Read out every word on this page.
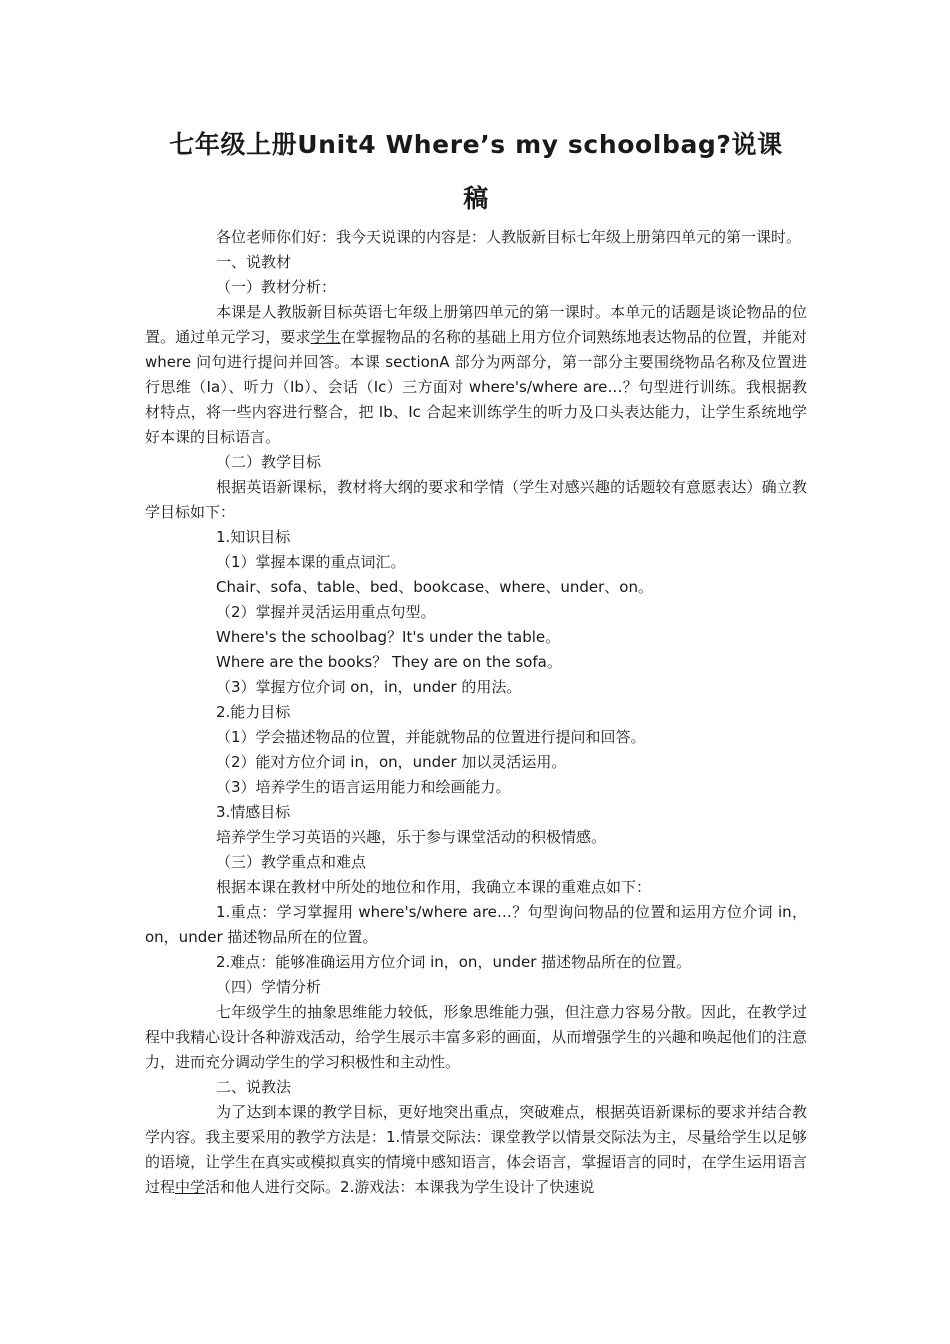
七年级上册Unit4 Where’s my schoolbag?说课
稿

各位老师你们好：我今天说课的内容是：人教版新目标七年级上册第四单元的第一课时。

一、说教材

（一）教材分析：

本课是人教版新目标英语七年级上册第四单元的第一课时。本单元的话题是谈论物品的位置。通过单元学习，要求学生在掌握物品的名称的基础上用方位介词熟练地表达物品的位置，并能对 where 问句进行提问并回答。本课 sectionA 部分为两部分，第一部分主要围绕物品名称及位置进行思维（Ia）、听力（Ib）、会话（Ic）三方面对 where's/where are…？句型进行训练。我根据教材特点，将一些内容进行整合，把 Ib、Ic 合起来训练学生的听力及口头表达能力，让学生系统地学好本课的目标语言。

（二）教学目标

根据英语新课标，教材将大纲的要求和学情（学生对感兴趣的话题较有意愿表达）确立教学目标如下：

1.知识目标

（1）掌握本课的重点词汇。

Chair、sofa、table、bed、bookcase、where、under、on。

（2）掌握并灵活运用重点句型。

Where's the schoolbag？It's under the table。

Where are the books？ They are on the sofa。

（3）掌握方位介词 on，in，under 的用法。

2.能力目标

（1）学会描述物品的位置，并能就物品的位置进行提问和回答。

（2）能对方位介词 in，on，under 加以灵活运用。

（3）培养学生的语言运用能力和绘画能力。

3.情感目标

培养学生学习英语的兴趣，乐于参与课堂活动的积极情感。

（三）教学重点和难点

根据本课在教材中所处的地位和作用，我确立本课的重难点如下：

1.重点：学习掌握用 where's/where are…？句型询问物品的位置和运用方位介词 in，on，under 描述物品所在的位置。

2.难点：能够准确运用方位介词 in，on，under 描述物品所在的位置。

（四）学情分析

七年级学生的抽象思维能力较低，形象思维能力强，但注意力容易分散。因此，在教学过程中我精心设计各种游戏活动，给学生展示丰富多彩的画面，从而增强学生的兴趣和唤起他们的注意力，进而充分调动学生的学习积极性和主动性。

二、说教法

为了达到本课的教学目标，更好地突出重点，突破难点，根据英语新课标的要求并结合教学内容。我主要采用的教学方法是：1.情景交际法：课堂教学以情景交际法为主，尽量给学生以足够的语境，让学生在真实或模拟真实的情境中感知语言，体会语言，掌握语言的同时，在学生运用语言过程中学活和他人进行交际。2.游戏法：本课我为学生设计了快速说
